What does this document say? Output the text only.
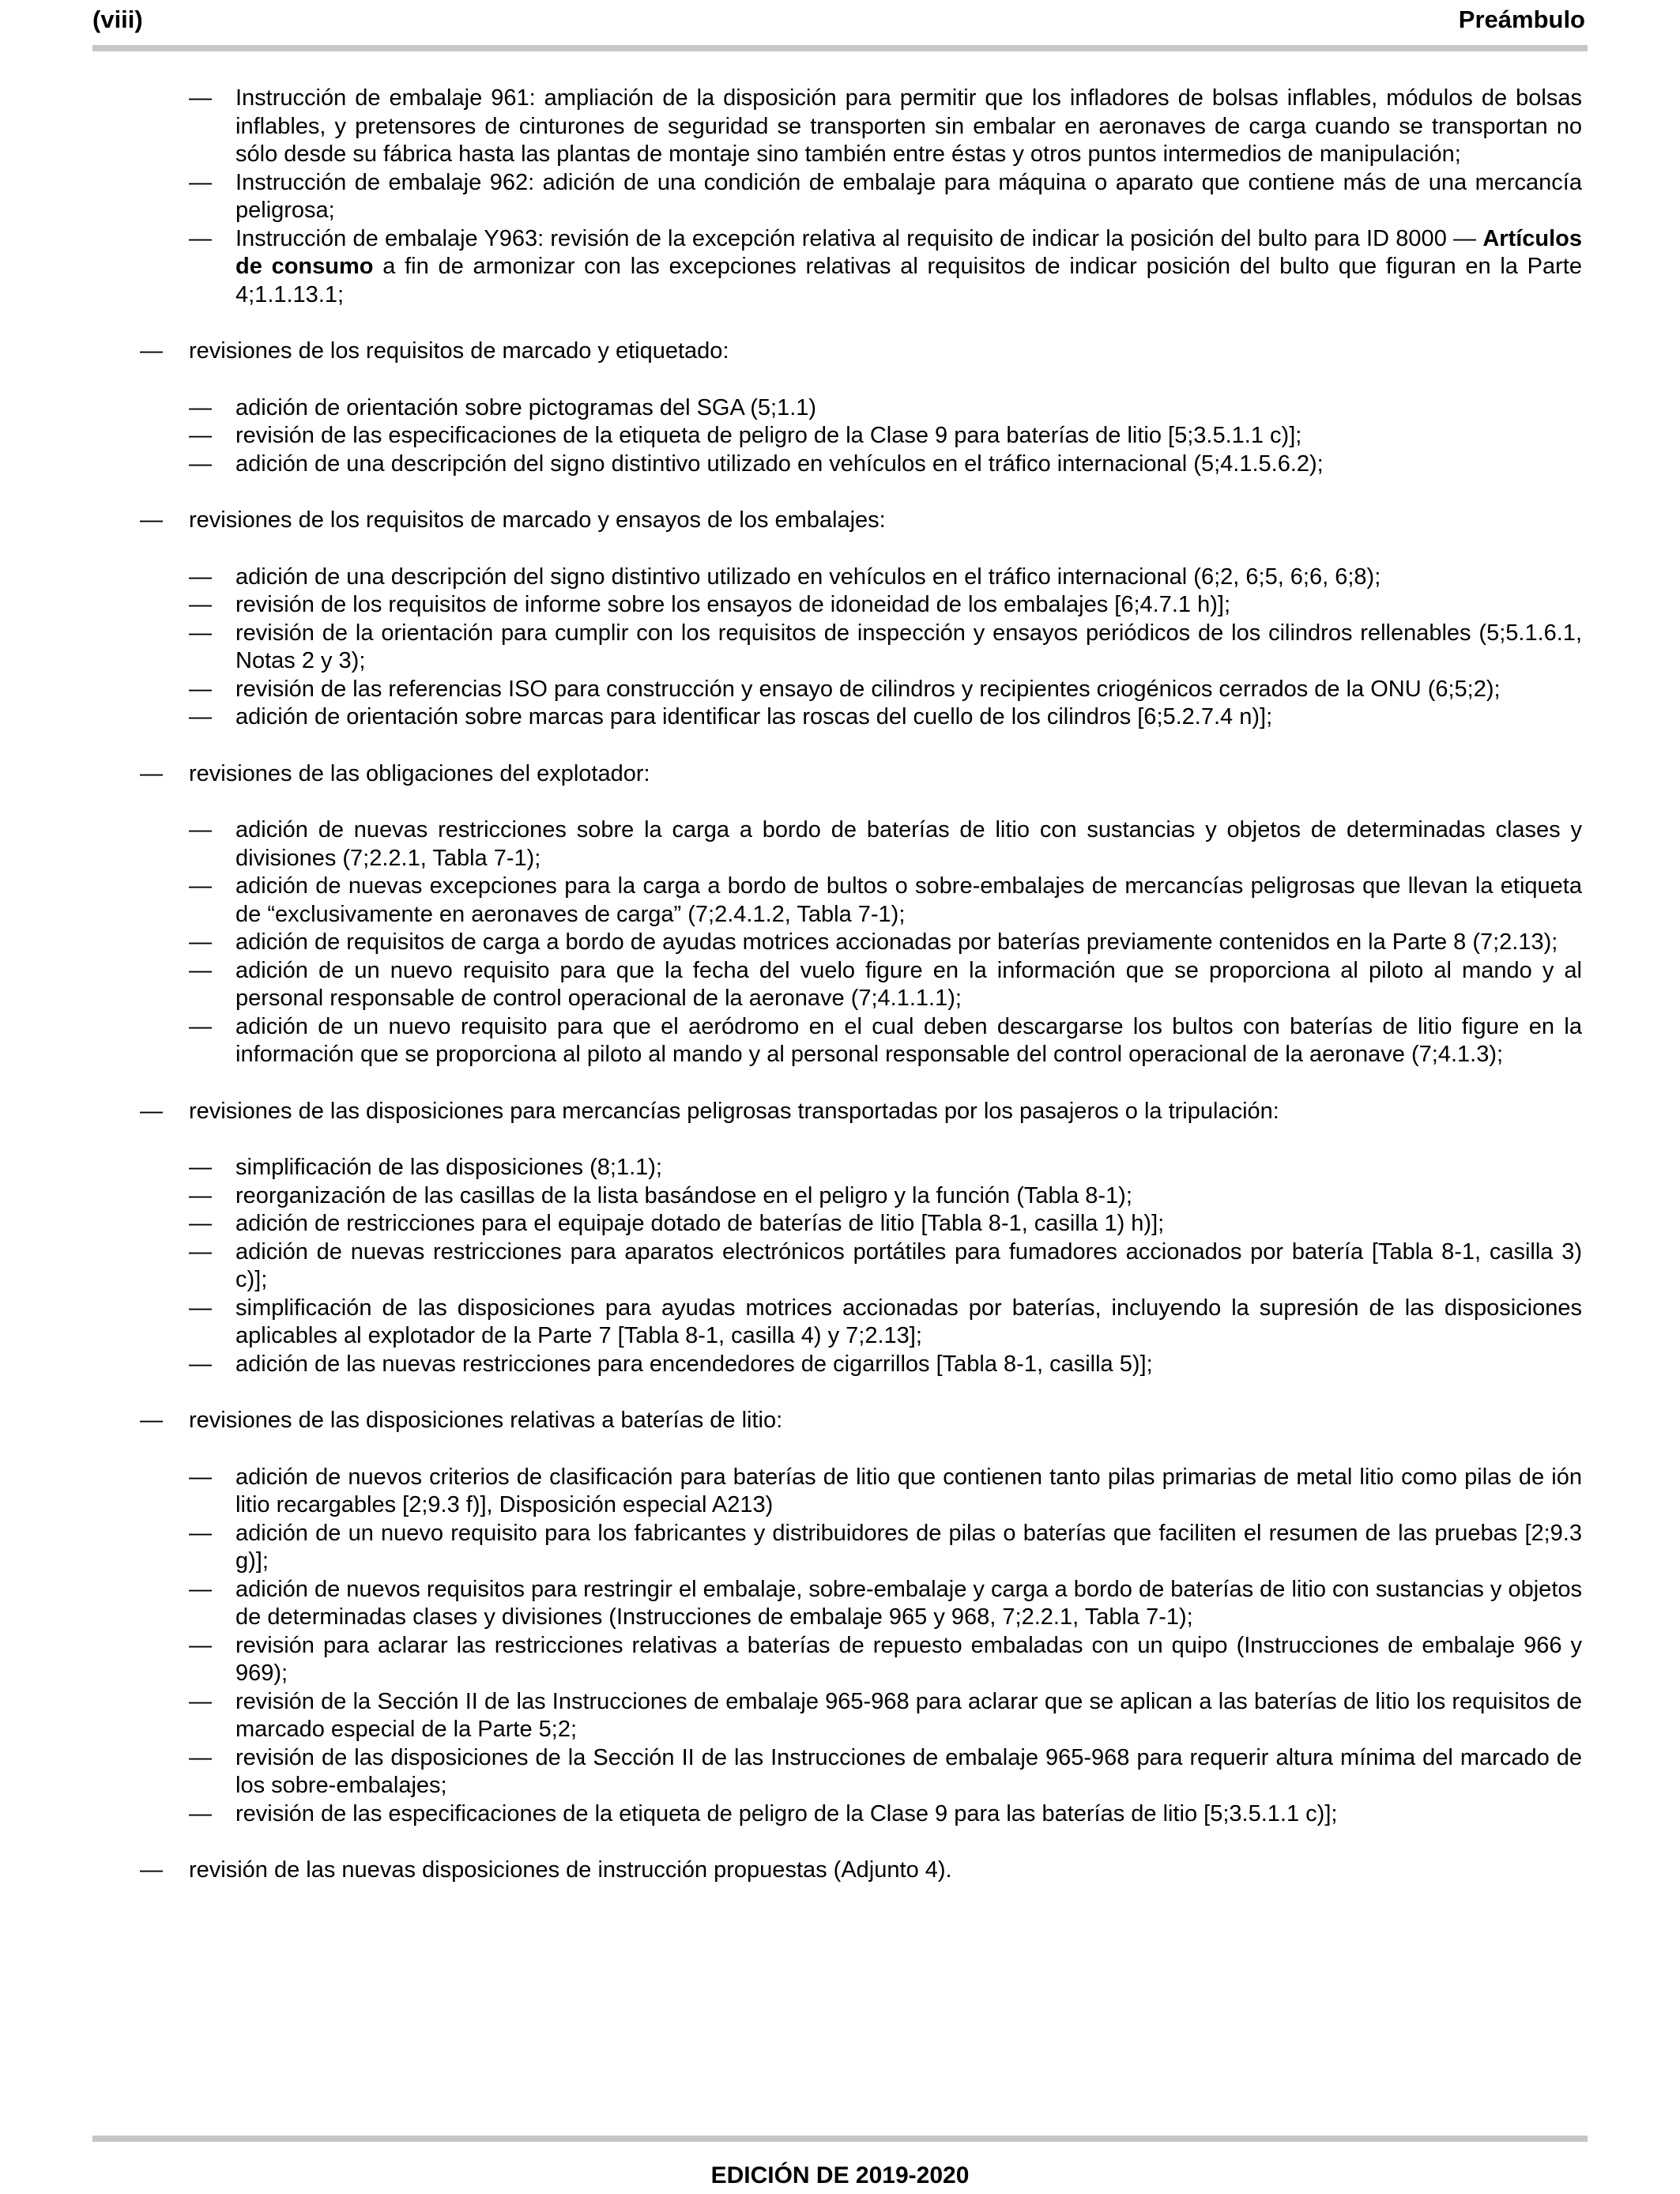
(viii)	Preámbulo
—	Instrucción de embalaje 961: ampliación de la disposición para permitir que los infladores de bolsas inflables, módulos de bolsas inflables, y pretensores de cinturones de seguridad se transporten sin embalar en aeronaves de carga cuando se transportan no sólo desde su fábrica hasta las plantas de montaje sino también entre éstas y otros puntos intermedios de manipulación;
—	Instrucción de embalaje 962: adición de una condición de embalaje para máquina o aparato que contiene más de una mercancía peligrosa;
—	Instrucción de embalaje Y963: revisión de la excepción relativa al requisito de indicar la posición del bulto para ID 8000 — Artículos de consumo a fin de armonizar con las excepciones relativas al requisitos de indicar posición del bulto que figuran en la Parte 4;1.1.13.1;
—	revisiones de los requisitos de marcado y etiquetado:
—	adición de orientación sobre pictogramas del SGA (5;1.1)
—	revisión de las especificaciones de la etiqueta de peligro de la Clase 9 para baterías de litio [5;3.5.1.1 c)];
—	adición de una descripción del signo distintivo utilizado en vehículos en el tráfico internacional (5;4.1.5.6.2);
—	revisiones de los requisitos de marcado y ensayos de los embalajes:
—	adición de una descripción del signo distintivo utilizado en vehículos en el tráfico internacional (6;2, 6;5, 6;6, 6;8);
—	revisión de los requisitos de informe sobre los ensayos de idoneidad de los embalajes [6;4.7.1 h)];
—	revisión de la orientación para cumplir con los requisitos de inspección y ensayos periódicos de los cilindros rellenables (5;5.1.6.1, Notas 2 y 3);
—	revisión de las referencias ISO para construcción y ensayo de cilindros y recipientes criogénicos cerrados de la ONU (6;5;2);
—	adición de orientación sobre marcas para identificar las roscas del cuello de los cilindros [6;5.2.7.4 n)];
—	revisiones de las obligaciones del explotador:
—	adición de nuevas restricciones sobre la carga a bordo de baterías de litio con sustancias y objetos de determinadas clases y divisiones (7;2.2.1, Tabla 7-1);
—	adición de nuevas excepciones para la carga a bordo de bultos o sobre-embalajes de mercancías peligrosas que llevan la etiqueta de “exclusivamente en aeronaves de carga” (7;2.4.1.2, Tabla 7-1);
—	adición de requisitos de carga a bordo de ayudas motrices accionadas por baterías previamente contenidos en la Parte 8 (7;2.13);
—	adición de un nuevo requisito para que la fecha del vuelo figure en la información que se proporciona al piloto al mando y al personal responsable de control operacional de la aeronave (7;4.1.1.1);
—	adición de un nuevo requisito para que el aeródromo en el cual deben descargarse los bultos con baterías de litio figure en la información que se proporciona al piloto al mando y al personal responsable del control operacional de la aeronave (7;4.1.3);
—	revisiones de las disposiciones para mercancías peligrosas transportadas por los pasajeros o la tripulación:
—	simplificación de las disposiciones (8;1.1);
—	reorganización de las casillas de la lista basándose en el peligro y la función (Tabla 8-1);
—	adición de restricciones para el equipaje dotado de baterías de litio [Tabla 8-1, casilla 1) h)];
—	adición de nuevas restricciones para aparatos electrónicos portátiles para fumadores accionados por batería [Tabla 8-1, casilla 3) c)];
—	simplificación de las disposiciones para ayudas motrices accionadas por baterías, incluyendo la supresión de las disposiciones aplicables al explotador de la Parte 7 [Tabla 8-1, casilla 4) y 7;2.13];
—	adición de las nuevas restricciones para encendedores de cigarrillos [Tabla 8-1, casilla 5)];
—	revisiones de las disposiciones relativas a baterías de litio:
—	adición de nuevos criterios de clasificación para baterías de litio que contienen tanto pilas primarias de metal litio como pilas de ión litio recargables [2;9.3 f)], Disposición especial A213)
—	adición de un nuevo requisito para los fabricantes y distribuidores de pilas o baterías que faciliten el resumen de las pruebas [2;9.3 g)];
—	adición de nuevos requisitos para restringir el embalaje, sobre-embalaje y carga a bordo de baterías de litio con sustancias y objetos de determinadas clases y divisiones (Instrucciones de embalaje 965 y 968, 7;2.2.1, Tabla 7-1);
—	revisión para aclarar las restricciones relativas a baterías de repuesto embaladas con un quipo (Instrucciones de embalaje 966 y 969);
—	revisión de la Sección II de las Instrucciones de embalaje 965-968 para aclarar que se aplican a las baterías de litio los requisitos de marcado especial de la Parte 5;2;
—	revisión de las disposiciones de la Sección II de las Instrucciones de embalaje 965-968 para requerir altura mínima del marcado de los sobre-embalajes;
—	revisión de las especificaciones de la etiqueta de peligro de la Clase 9 para las baterías de litio [5;3.5.1.1 c)];
—	revisión de las nuevas disposiciones de instrucción propuestas (Adjunto 4).
EDICIÓN DE 2019-2020
